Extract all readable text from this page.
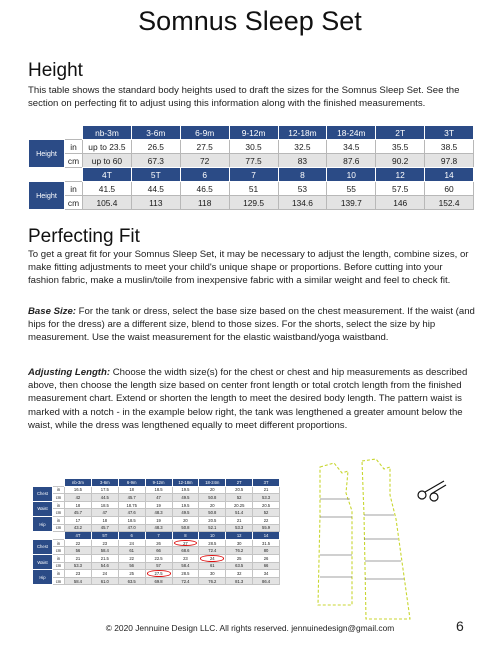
Somnus Sleep Set
Height

This table shows the standard body heights used to draft the sizes for the Somnus Sleep Set. See the section on perfecting fit to adjust using this information along with the finished measurements.

		nb-3m	3-6m	6-9m	9-12m	12-18m	18-24m	2T	3T
Height	in	up to 23.5	26.5	27.5	30.5	32.5	34.5	35.5	38.5
	cm	up to 60	67.3	72	77.5	83	87.6	90.2	97.8
		4T	5T	6	7	8	10	12	14
Height	in	41.5	44.5	46.5	51	53	55	57.5	60
	cm	105.4	113	118	129.5	134.6	139.7	146	152.4
Perfecting Fit

To get a great fit for your Somnus Sleep Set, it may be necessary to adjust the length, combine sizes, or make fitting adjustments to meet your child's unique shape or proportions. Before cutting into your fashion fabric, make a muslin/toile from inexpensive fabric with a similar weight and feel to check fit.

Base Size: For the tank or dress, select the base size based on the chest measurement. If the waist (and hips for the dress) are a different size, blend to those sizes. For the shorts, select the size by hip measurement. Use the waist measurement for the elastic waistband/yoga waistband.

Adjusting Length: Choose the width size(s) for the chest or chest and hip measurements as described above, then choose the length size based on center front length or total crotch length from the finished measurement chart. Extend or shorten the length to meet the desired body length. The pattern waist is marked with a notch - in the example below right, the tank was lengthened a greater amount below the waist, while the dress was lengthened equally to meet different proportions.

		nb-3m	3-6m	6-9m	9-12m	12-18m	18-24m	2T	3T
Chest	in	16.5	17.5	18	18.5	19.5	20	20.5	21
	cm	42	44.5	45.7	47	49.5	50.8	52	53.3
Waist	in	18	18.5	18.75	19	19.5	20	20.25	20.5
	cm	45.7	47	47.6	48.3	49.5	50.8	51.4	52
Hip	in	17	18	18.5	19	20	20.5	21	22
	cm	43.2	45.7	47.0	48.3	50.8	52.1	53.3	55.9
		4T	5T	6	7	8	10	12	14
Chest	in	22	23	24	26	27	28.5	30	31.5
	cm	56	58.4	61	66	68.6	72.4	76.2	80
Waist	in	21	21.5	22	22.5	23	24	25	26
	cm	53.3	54.6	56	57	58.4	61	63.5	66
Hip	in	23	24	25	27.5	28.5	30	32	34
	cm	58.4	61.0	63.5	69.8	72.4	76.2	81.3	86.4
© 2020 Jennuine Design LLC. All rights reserved. jennuinedesign@gmail.com	6
